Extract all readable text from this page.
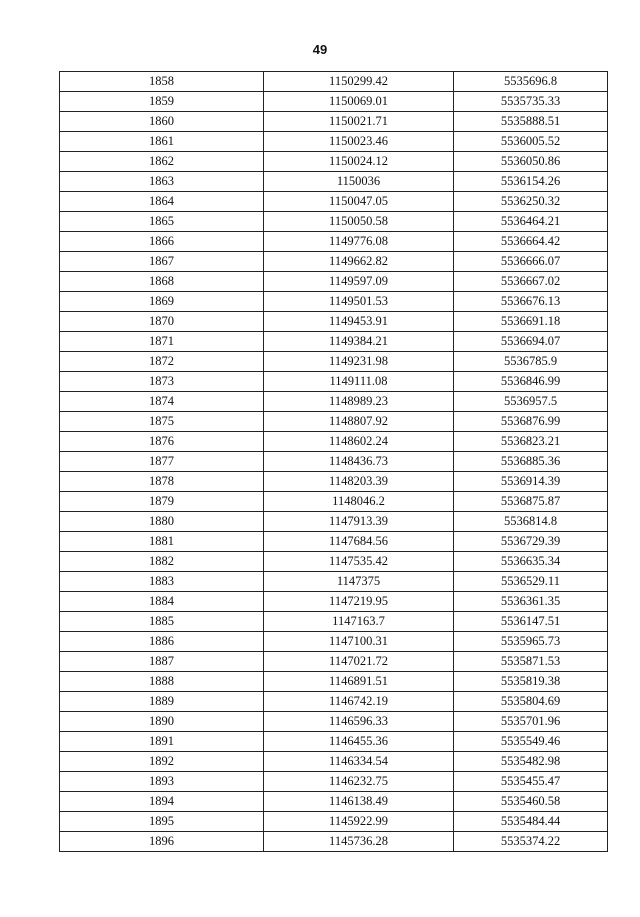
49
1858	1150299.42	5535696.8
1859	1150069.01	5535735.33
1860	1150021.71	5535888.51
1861	1150023.46	5536005.52
1862	1150024.12	5536050.86
1863	1150036	5536154.26
1864	1150047.05	5536250.32
1865	1150050.58	5536464.21
1866	1149776.08	5536664.42
1867	1149662.82	5536666.07
1868	1149597.09	5536667.02
1869	1149501.53	5536676.13
1870	1149453.91	5536691.18
1871	1149384.21	5536694.07
1872	1149231.98	5536785.9
1873	1149111.08	5536846.99
1874	1148989.23	5536957.5
1875	1148807.92	5536876.99
1876	1148602.24	5536823.21
1877	1148436.73	5536885.36
1878	1148203.39	5536914.39
1879	1148046.2	5536875.87
1880	1147913.39	5536814.8
1881	1147684.56	5536729.39
1882	1147535.42	5536635.34
1883	1147375	5536529.11
1884	1147219.95	5536361.35
1885	1147163.7	5536147.51
1886	1147100.31	5535965.73
1887	1147021.72	5535871.53
1888	1146891.51	5535819.38
1889	1146742.19	5535804.69
1890	1146596.33	5535701.96
1891	1146455.36	5535549.46
1892	1146334.54	5535482.98
1893	1146232.75	5535455.47
1894	1146138.49	5535460.58
1895	1145922.99	5535484.44
1896	1145736.28	5535374.22
